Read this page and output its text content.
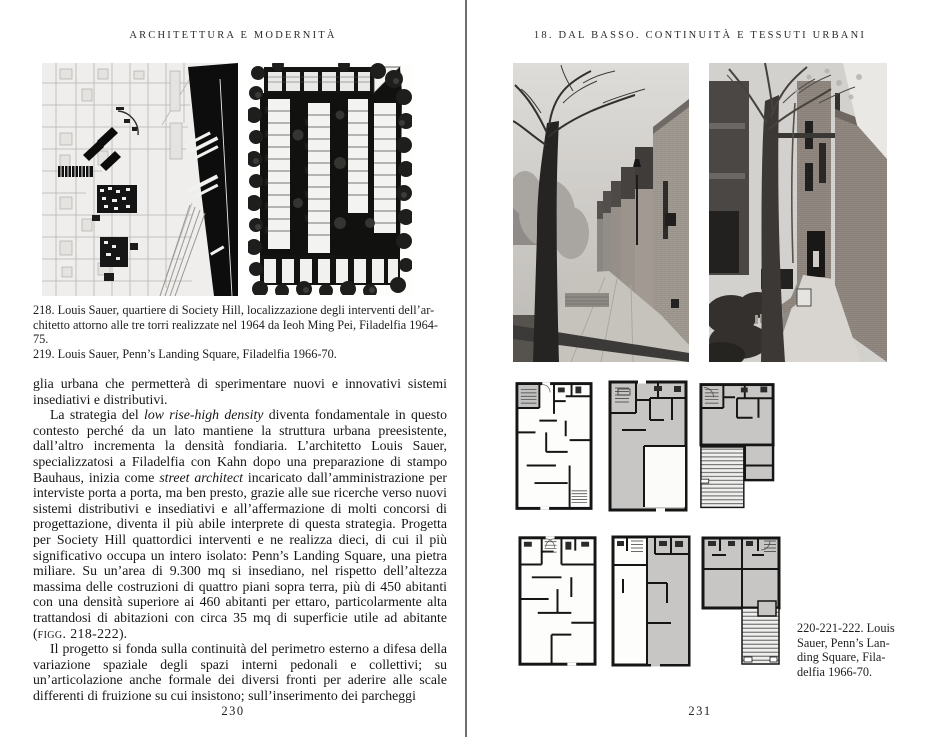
ARCHITETTURA E MODERNITÀ
218. Louis Sauer, quartiere di Society Hill, localizzazione degli interventi dell’ar-
chitetto attorno alle tre torri realizzate nel 1964 da Ieoh Ming Pei, Filadelfia 1964-
75.
219. Louis Sauer, Penn’s Landing Square, Filadelfia 1966-70.

glia urbana che permetterà di sperimentare nuovi e innovativi sistemi insediativi e distributivi.

La strategia del low rise-high density diventa fondamentale in questo contesto perché da un lato mantiene la struttura urbana preesistente, dall’altro incrementa la densità fondiaria. L’architetto Louis Sauer, specializzatosi a Filadelfia con Kahn dopo una preparazione di stampo Bauhaus, inizia come street architect incaricato dall’amministrazione per interviste porta a porta, ma ben presto, grazie alle sue ricerche verso nuovi sistemi distributivi e insediativi e all’affermazione di molti concorsi di progettazione, diventa il più abile interprete di questa strategia. Progetta per Society Hill quattordici interventi e ne realizza dieci, di cui il più significativo occupa un intero isolato: Penn’s Landing Square, una pietra miliare. Su un’area di 9.300 mq si insediano, nel rispetto dell’altezza massima delle costruzioni di quattro piani sopra terra, più di 450 abitanti con una densità superiore ai 460 abitanti per ettaro, particolarmente alta trattandosi di abitazioni con circa 35 mq di superficie utile ad abitante (figg. 218-222).

Il progetto si fonda sulla continuità del perimetro esterno a difesa della variazione spaziale degli spazi interni pedonali e collettivi; su un’articolazione anche formale dei diversi fronti per aderire alle scale differenti di fruizione su cui insistono; sull’inserimento dei parcheggi

230
18. DAL BASSO. CONTINUITÀ E TESSUTI URBANI
220-221-222. Louis
Sauer, Penn’s Lan-
ding Square, Fila-
delfia 1966-70.
231
